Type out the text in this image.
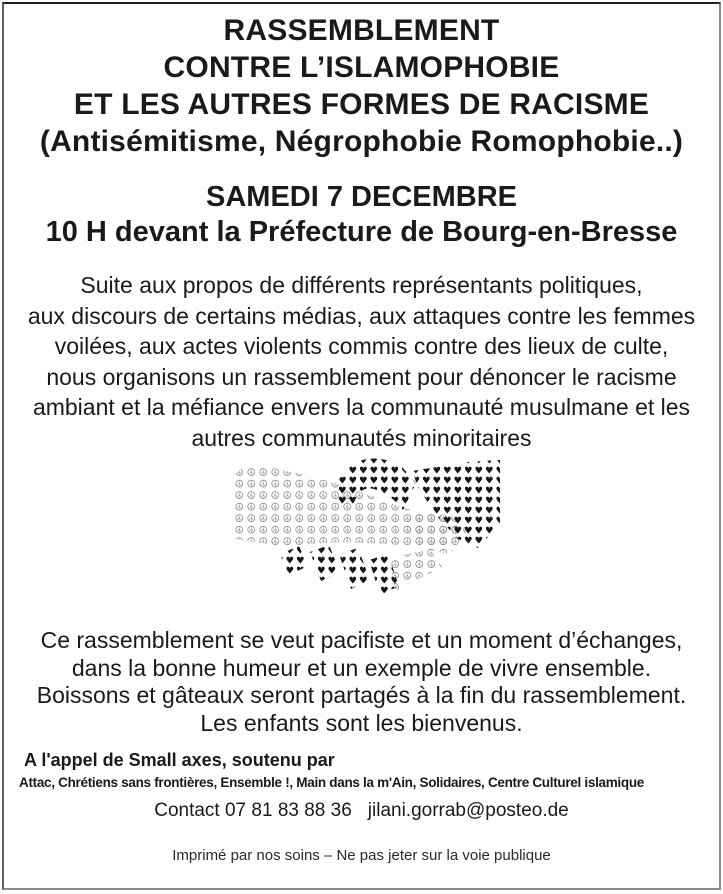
RASSEMBLEMENT
CONTRE L’ISLAMOPHOBIE
ET LES AUTRES FORMES DE RACISME
(Antisémitisme, Négrophobie Romophobie..)
SAMEDI 7 DECEMBRE
10 H devant la Préfecture de Bourg-en-Bresse
Suite aux propos de différents représentants politiques,
aux discours de certains médias, aux attaques contre les femmes
voilées, aux actes violents commis contre des lieux de culte,
nous organisons un rassemblement pour dénoncer le racisme
ambiant et la méfiance envers la communauté musulmane et les
autres communautés minoritaires
Ce rassemblement se veut pacifiste et un moment d’échanges,
dans la bonne humeur et un exemple de vivre ensemble.
Boissons et gâteaux seront partagés à la fin du rassemblement.
Les enfants sont les bienvenus.
A l'appel de Small axes, soutenu par
Attac, Chrétiens sans frontières, Ensemble !, Main dans la m'Ain, Solidaires, Centre Culturel islamique
Contact 07 81 83 88 36 jilani.gorrab@posteo.de
Imprimé par nos soins – Ne pas jeter sur la voie publique
